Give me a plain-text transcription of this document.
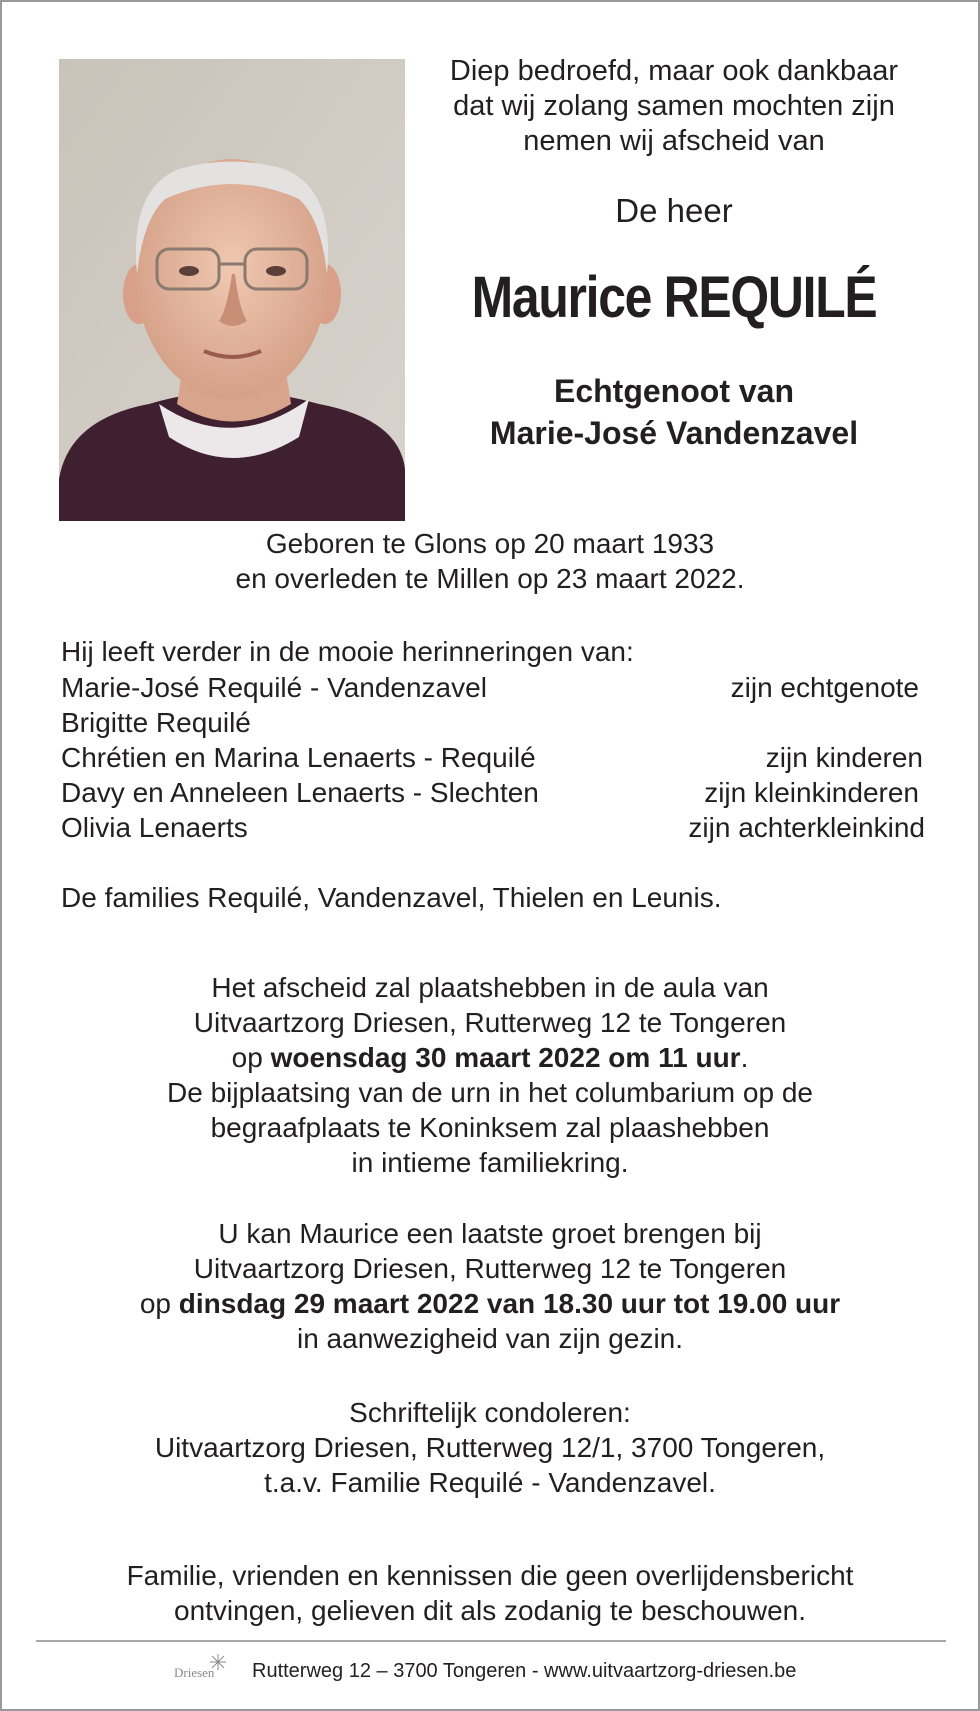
Diep bedroefd, maar ook dankbaar

dat wij zolang samen mochten zijn

nemen wij afscheid van

De heer
Maurice REQUILÉ

Echtgenoot van

Marie-José Vandenzavel

Geboren te Glons op 20 maart 1933

en overleden te Millen op 23 maart 2022.

Hij leeft verder in de mooie herinneringen van:
Marie-José Requilé - Vandenzavel	zijn echtgenote
Brigitte Requilé
Chrétien en Marina Lenaerts - Requilé	zijn kinderen
Davy en Anneleen Lenaerts - Slechten	zijn kleinkinderen
Olivia Lenaerts	zijn achterkleinkind
De families Requilé, Vandenzavel, Thielen en Leunis.

Het afscheid zal plaatshebben in de aula van

Uitvaartzorg Driesen, Rutterweg 12 te Tongeren

op woensdag 30 maart 2022 om 11 uur.

De bijplaatsing van de urn in het columbarium op de

begraafplaats te Koninksem zal plaashebben

in intieme familiekring.

U kan Maurice een laatste groet brengen bij

Uitvaartzorg Driesen, Rutterweg 12 te Tongeren

op dinsdag 29 maart 2022 van 18.30 uur tot 19.00 uur

in aanwezigheid van zijn gezin.

Schriftelijk condoleren:

Uitvaartzorg Driesen, Rutterweg 12/1, 3700 Tongeren,

t.a.v. Familie Requilé - Vandenzavel.

Familie, vrienden en kennissen die geen overlijdensbericht

ontvingen, gelieven dit als zodanig te beschouwen.

Driesen Rutterweg 12 – 3700 Tongeren - www.uitvaartzorg-driesen.be
